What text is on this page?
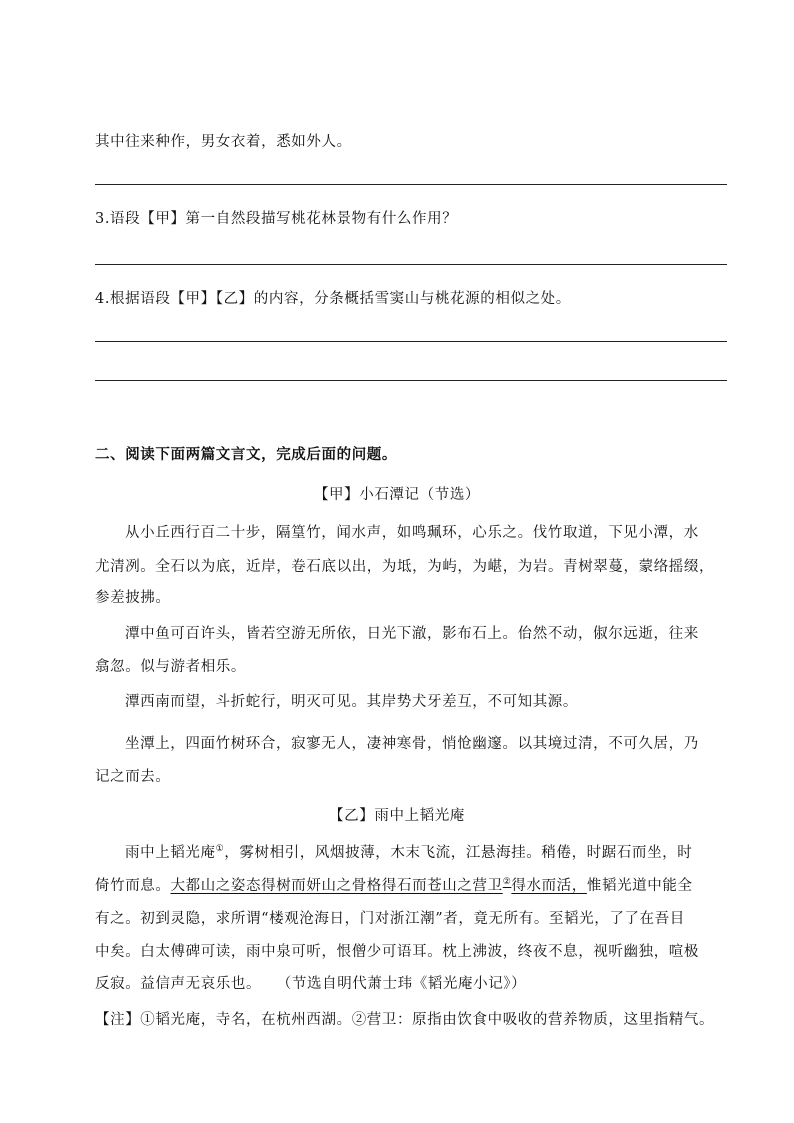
其中往来种作，男女衣着，悉如外人。
3.语段【甲】第一自然段描写桃花林景物有什么作用？
4.根据语段【甲】【乙】的内容，分条概括雪窦山与桃花源的相似之处。
二、阅读下面两篇文言文，完成后面的问题。
【甲】小石潭记（节选）
从小丘西行百二十步，隔篁竹，闻水声，如鸣珮环，心乐之。伐竹取道，下见小潭，水
尤清冽。全石以为底，近岸，卷石底以出，为坻，为屿，为嵁，为岩。青树翠蔓，蒙络摇缀，
参差披拂。
潭中鱼可百许头，皆若空游无所依，日光下澈，影布石上。佁然不动，俶尔远逝，往来
翕忽。似与游者相乐。
潭西南而望，斗折蛇行，明灭可见。其岸势犬牙差互，不可知其源。
坐潭上，四面竹树环合，寂寥无人，凄神寒骨，悄怆幽邃。以其境过清，不可久居，乃
记之而去。
【乙】雨中上韬光庵
雨中上韬光庵①，雾树相引，风烟披薄，木末飞流，江悬海挂。稍倦，时踞石而坐，时
倚竹而息。大都山之姿态得树而妍山之骨格得石而苍山之营卫②得水而活，惟韬光道中能全
有之。初到灵隐，求所谓“楼观沧海日，门对浙江潮”者，竟无所有。至韬光，了了在吾目
中矣。白太傅碑可读，雨中泉可听，恨僧少可语耳。枕上沸波，终夜不息，视听幽独，喧极
反寂。益信声无哀乐也。　　（节选自明代萧士玮《韬光庵小记》）
【注】①韬光庵，寺名，在杭州西湖。②营卫：原指由饮食中吸收的营养物质，这里指精气。
